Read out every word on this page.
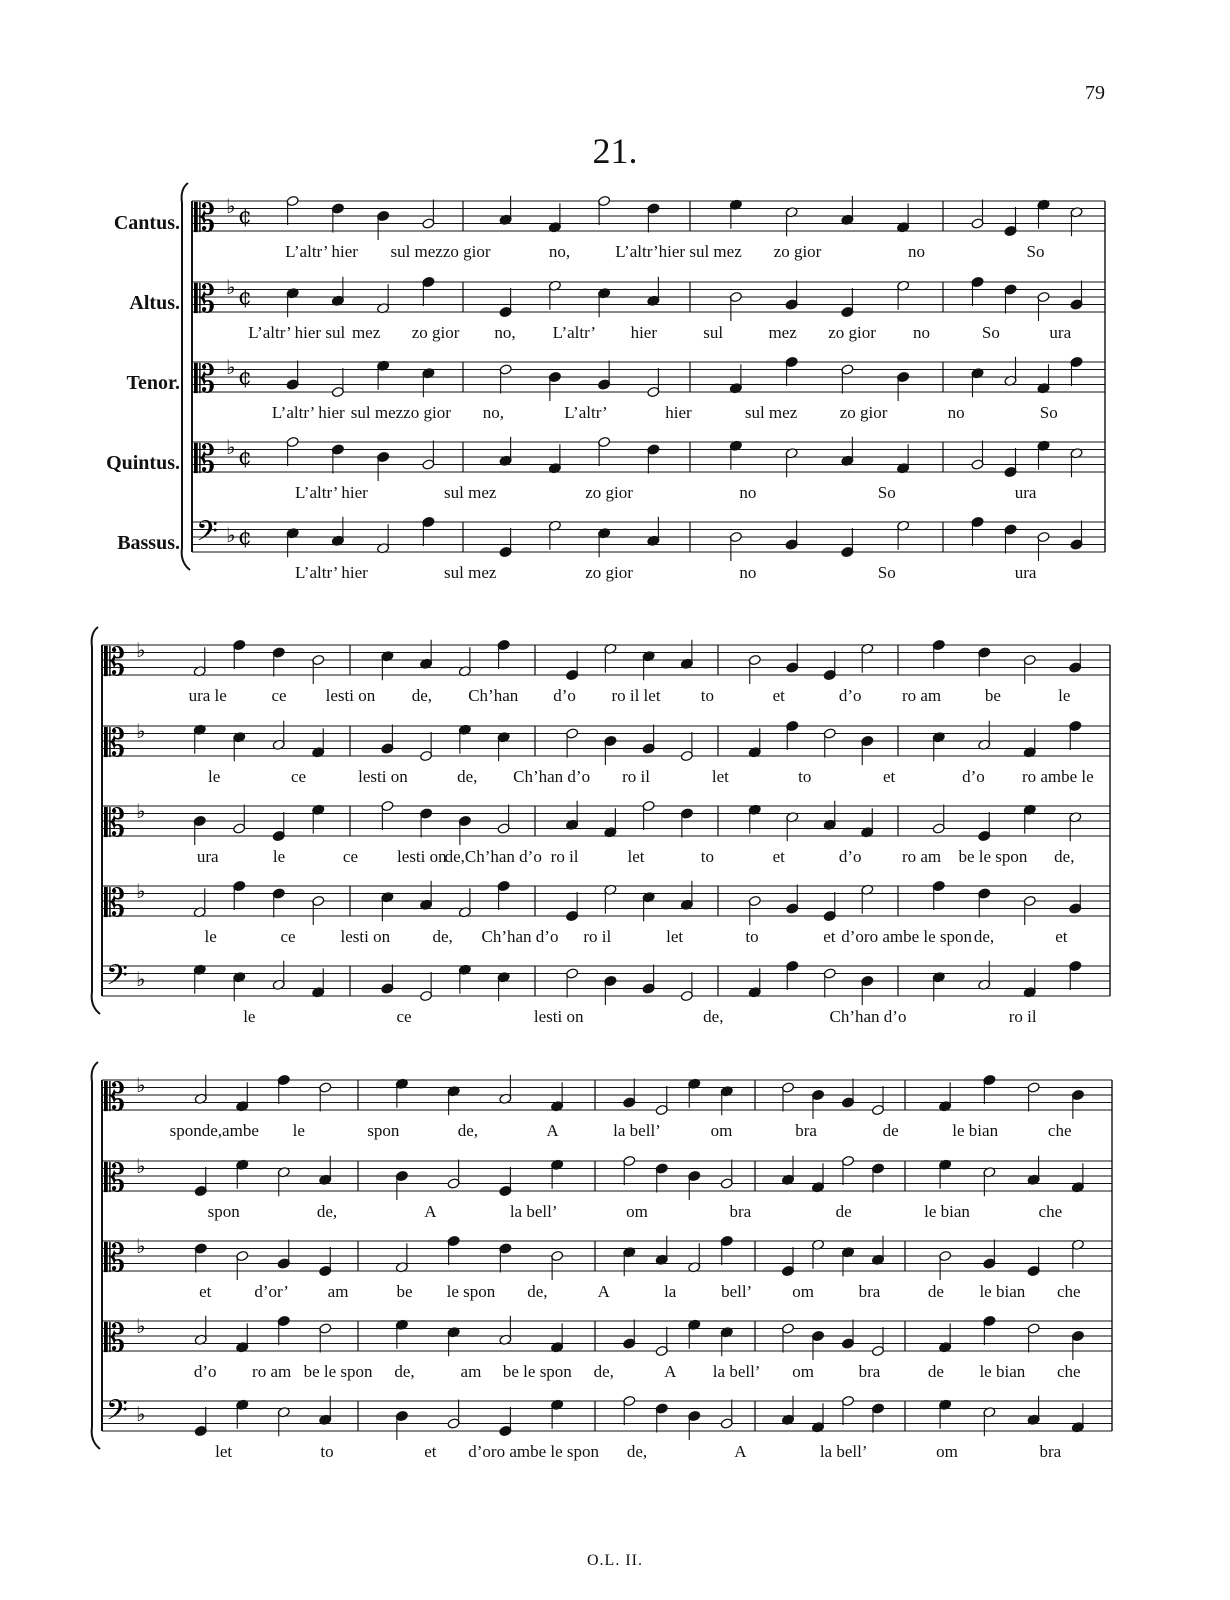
79
21.
Cantus.
Altus.
Tenor.
Quintus.
Bassus.
𝄡 ♭ ¢
L’altr’ hier sul mezzo gior	no,	L’altr’hier sul mez zo gior	no	So
𝄡 ♭ ¢
L’altr’ hier sul mez zo gior no, L’altr’ hier	sul	mez zo gior no	So	ura
𝄡 ♭ ¢
L’altr’ hier sul mezzo gior no,	L’altr’	hier	sul mez	zo gior	no	So
𝄡 ♭ ¢
L’altr’ hier	sul mez	zo gior	no	So	ura
𝄢 ♭ ¢
L’altr’ hier	sul mez	zo gior	no	So	ura
𝄡 ♭
ura le	ce lesti on de, Ch’han d’o ro il let to	et	d’o ro am	be	le
𝄡 ♭
le	ce	lesti on	de, Ch’han d’o ro il	let	to	et	d’o ro ambe le
𝄡 ♭
ura	le	ce lesti on
de,Ch’han d’o ro il	let	to	et	d’o ro am be le spon de,
𝄡 ♭
le	ce	lesti on de, Ch’han d’o ro il	let	to	et d’oro ambe le spon de,	et
𝄢 ♭
le	ce	lesti on	de,	Ch’han d’o	ro il
𝄡 ♭
sponde,ambe le	spon	de,	A	la bell’	om	bra	de	le bian	che
𝄡 ♭
spon	de,	A	la bell’	om	bra	de	le bian	che
𝄡 ♭
et	d’or’ am	be le spon de,	A	la	bell’ om	bra	de le bian che
𝄡 ♭
d’o ro am be le spon de,	am be le spon de,	A la bell’ om	bra	de le bian che
𝄢 ♭
let	to	et d’oro ambe le spon de,	A	la bell’	om	bra
O.L. II.
